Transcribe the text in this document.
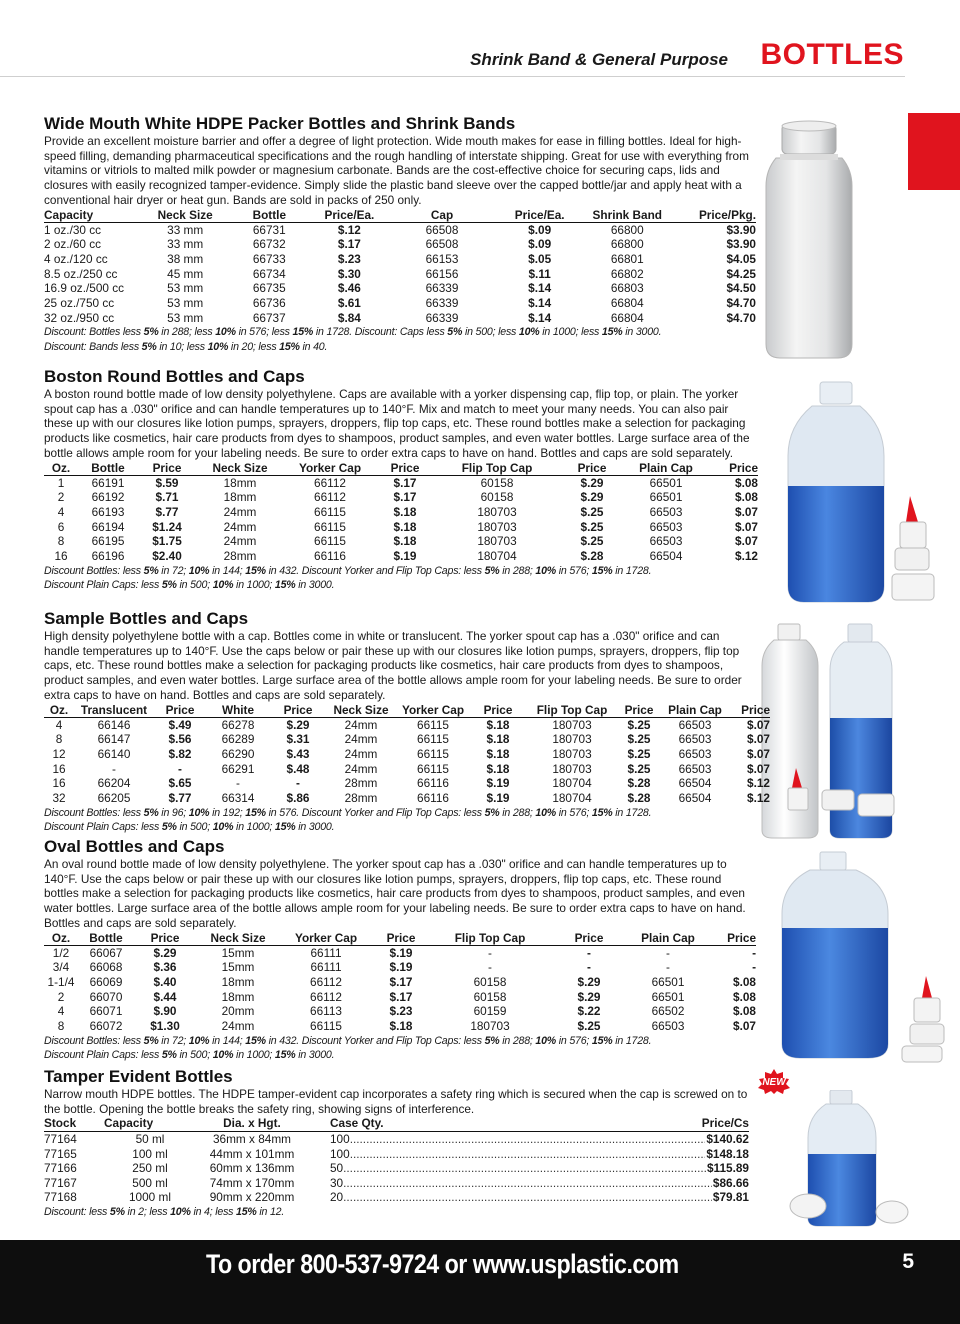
Shrink Band & General Purpose BOTTLES
NEW
Wide Mouth White HDPE Packer Bottles and Shrink Bands

Provide an excellent moisture barrier and offer a degree of light protection. Wide mouth makes for ease in filling bottles. Ideal for high-speed filling, demanding pharmaceutical specifications and the rough handling of interstate shipping. Great for use with everything from vitamins or vitriols to malted milk powder or magnesium carbonate. Bands are the cost-effective choice for securing caps, lids and closures with easily recognized tamper-evidence. Simply slide the plastic band sleeve over the capped bottle/jar and apply heat with a conventional hair dryer or heat gun. Bands are sold in packs of 250 only.

Capacity	Neck Size	Bottle	Price/Ea.	Cap	Price/Ea.	Shrink Band	Price/Pkg.
1 oz./30 cc	33 mm	66731	$.12	66508	$.09	66800	$3.90
2 oz./60 cc	33 mm	66732	$.17	66508	$.09	66800	$3.90
4 oz./120 cc	38 mm	66733	$.23	66153	$.05	66801	$4.05
8.5 oz./250 cc	45 mm	66734	$.30	66156	$.11	66802	$4.25
16.9 oz./500 cc	53 mm	66735	$.46	66339	$.14	66803	$4.50
25 oz./750 cc	53 mm	66736	$.61	66339	$.14	66804	$4.70
32 oz./950 cc	53 mm	66737	$.84	66339	$.14	66804	$4.70
Discount: Bottles less 5% in 288; less 10% in 576; less 15% in 1728. Discount: Caps less 5% in 500; less 10% in 1000; less 15% in 3000.
Discount: Bands less 5% in 10; less 10% in 20; less 15% in 40.
Boston Round Bottles and Caps

A boston round bottle made of low density polyethylene. Caps are available with a yorker dispensing cap, flip top, or plain. The yorker spout cap has a .030" orifice and can handle temperatures up to 140°F. Mix and match to meet your many needs. You can also pair these up with our closures like lotion pumps, sprayers, droppers, flip top caps, etc. These round bottles make a selection for packaging products like cosmetics, hair care products from dyes to shampoos, product samples, and even water bottles. Large surface area of the bottle allows ample room for your labeling needs. Be sure to order extra caps to have on hand. Bottles and caps are sold separately.

Oz.	Bottle	Price	Neck Size	Yorker Cap	Price	Flip Top Cap	Price	Plain Cap	Price
1	66191	$.59	18mm	66112	$.17	60158	$.29	66501	$.08
2	66192	$.71	18mm	66112	$.17	60158	$.29	66501	$.08
4	66193	$.77	24mm	66115	$.18	180703	$.25	66503	$.07
6	66194	$1.24	24mm	66115	$.18	180703	$.25	66503	$.07
8	66195	$1.75	24mm	66115	$.18	180703	$.25	66503	$.07
16	66196	$2.40	28mm	66116	$.19	180704	$.28	66504	$.12
Discount Bottles: less 5% in 72; 10% in 144; 15% in 432. Discount Yorker and Flip Top Caps: less 5% in 288; 10% in 576; 15% in 1728.
Discount Plain Caps: less 5% in 500; 10% in 1000; 15% in 3000.
Sample Bottles and Caps

High density polyethylene bottle with a cap. Bottles come in white or translucent. The yorker spout cap has a .030" orifice and can handle temperatures up to 140°F. Use the caps below or pair these up with our closures like lotion pumps, sprayers, droppers, flip top caps, etc. These round bottles make a selection for packaging products like cosmetics, hair care products from dyes to shampoos, product samples, and even water bottles. Large surface area of the bottle allows ample room for your labeling needs. Be sure to order extra caps to have on hand. Bottles and caps are sold separately.

Oz.	Translucent	Price	White	Price	Neck Size	Yorker Cap	Price	Flip Top Cap	Price	Plain Cap	Price
4	66146	$.49	66278	$.29	24mm	66115	$.18	180703	$.25	66503	$.07
8	66147	$.56	66289	$.31	24mm	66115	$.18	180703	$.25	66503	$.07
12	66140	$.82	66290	$.43	24mm	66115	$.18	180703	$.25	66503	$.07
16	-	-	66291	$.48	24mm	66115	$.18	180703	$.25	66503	$.07
16	66204	$.65	-	-	28mm	66116	$.19	180704	$.28	66504	$.12
32	66205	$.77	66314	$.86	28mm	66116	$.19	180704	$.28	66504	$.12
Discount Bottles: less 5% in 96; 10% in 192; 15% in 576. Discount Yorker and Flip Top Caps: less 5% in 288; 10% in 576; 15% in 1728.
Discount Plain Caps: less 5% in 500; 10% in 1000; 15% in 3000.
Oval Bottles and Caps

An oval round bottle made of low density polyethylene. The yorker spout cap has a .030" orifice and can handle temperatures up to 140°F. Use the caps below or pair these up with our closures like lotion pumps, sprayers, droppers, flip top caps, etc. These round bottles make a selection for packaging products like cosmetics, hair care products from dyes to shampoos, product samples, and even water bottles. Large surface area of the bottle allows ample room for your labeling needs. Be sure to order extra caps to have on hand. Bottles and caps are sold separately.

Oz.	Bottle	Price	Neck Size	Yorker Cap	Price	Flip Top Cap	Price	Plain Cap	Price
1/2	66067	$.29	15mm	66111	$.19	-	-	-	-
3/4	66068	$.36	15mm	66111	$.19	-	-	-	-
1-1/4	66069	$.40	18mm	66112	$.17	60158	$.29	66501	$.08
2	66070	$.44	18mm	66112	$.17	60158	$.29	66501	$.08
4	66071	$.90	20mm	66113	$.23	60159	$.22	66502	$.08
8	66072	$1.30	24mm	66115	$.18	180703	$.25	66503	$.07
Discount Bottles: less 5% in 72; 10% in 144; 15% in 432. Discount Yorker and Flip Top Caps: less 5% in 288; 10% in 576; 15% in 1728.
Discount Plain Caps: less 5% in 500; 10% in 1000; 15% in 3000.
Tamper Evident Bottles

Narrow mouth HDPE bottles. The HDPE tamper-evident cap incorporates a safety ring which is secured when the cap is screwed on to the bottle. Opening the bottle breaks the safety ring, showing signs of interference.

Stock	Capacity	Dia. x Hgt.	Case Qty.	Price/Cs
77164	50 ml	36mm x 84mm	100 .....	$140.62
77165	100 ml	44mm x 101mm	100 .....	$148.18
77166	250 ml	60mm x 136mm	50 .....	$115.89
77167	500 ml	74mm x 170mm	30 .....	$86.66
77168	1000 ml	90mm x 220mm	20 .....	$79.81
Discount: less 5% in 2; less 10% in 4; less 15% in 12.
To order 800-537-9724 or www.usplastic.com	5
